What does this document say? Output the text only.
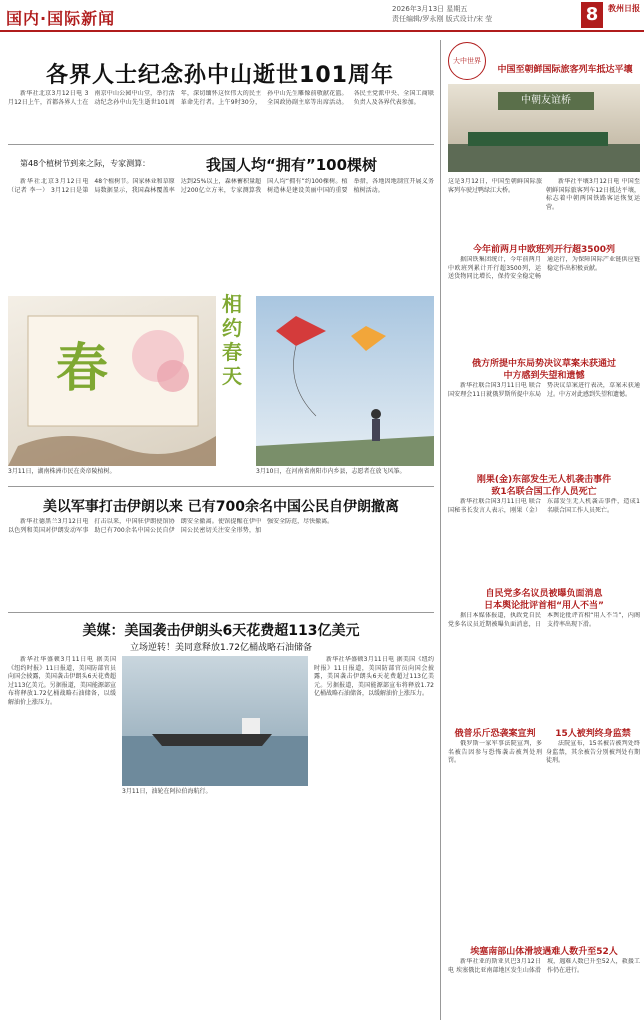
国内·国际新闻	2026年3月13日 星期五
责任编辑/罗永刚 版式设计/宋 莹	8	教州日报
各界人士纪念孙中山逝世101周年

新华社北京3月12日电 3月12日上午，首都各界人士在南京中山公园中山堂，举行活动纪念孙中山先生逝世101周年，深切缅怀这位伟大的民主革命先行者。上午9时30分，孙中山先生雕像前敬献花篮。全国政协副主席等出席活动。各民主党派中央、全国工商联负责人及各界代表参加。

第48个植树节到来之际，专家测算：	我国人均“拥有”100棵树

新华社北京3月12日电（记者 李一） 3月12日是第48个植树节。国家林业和草原局数据显示，我国森林覆盖率达到25%以上，森林蓄积量超过200亿立方米，专家测算我国人均“拥有”约100棵树。植树造林是建设美丽中国的重要举措，各地因地制宜开展义务植树活动。

春
相约
春天
3月11日，湖南株洲市民在炎帝陵植树。	3月10日，在河南省南阳市内乡县，志愿者在放飞风筝。
美以军事打击伊朗以来 已有700余名中国公民自伊朗撤离

新华社德黑兰3月12日电 以色列和美国对伊朗发动军事打击以来，中国驻伊朗使馆协助已有700余名中国公民自伊朗安全撤离。使馆提醒在伊中国公民密切关注安全形势，加强安全防范，尽快撤离。

美媒：美国袭击伊朗头6天花费超113亿美元
立场逆转！美同意释放1.72亿桶战略石油储备

新华社华盛顿3月11日电 据美国《纽约时报》11日报道，美国防部官员向国会披露，美国袭击伊朗头6天花费超过113亿美元。另据报道，美国能源部宣布将释放1.72亿桶战略石油储备，以缓解油价上涨压力。

3月11日，油轮在阿拉伯海航行。

新华社华盛顿3月11日电 据美国《纽约时报》11日报道，美国防部官员向国会披露，美国袭击伊朗头6天花费超过113亿美元。另据报道，美国能源部宣布将释放1.72亿桶战略石油储备，以缓解油价上涨压力。

大中世界
中国至朝鲜国际旅客列车抵达平壤
中朝友谊桥
这是3月12日，中国至朝鲜国际旅客列车驶过鸭绿江大桥。

新华社平壤3月12日电 中国至朝鲜国际旅客列车12日抵达平壤，标志着中朝两国铁路客运恢复运营。

今年前两月中欧班列开行超3500列

据国铁集团统计，今年前两月中欧班列累计开行超3500列，运送货物同比增长，保持安全稳定畅通运行，为保障国际产业链供应链稳定作出积极贡献。

俄方所提中东局势决议草案未获通过
中方感到失望和遗憾

新华社联合国3月11日电 联合国安理会11日就俄罗斯所提中东局势决议草案进行表决，草案未获通过。中方对此感到失望和遗憾。

刚果(金)东部发生无人机袭击事件
致1名联合国工作人员死亡

新华社联合国3月11日电 联合国秘书长发言人表示，刚果（金）东部发生无人机袭击事件，造成1名联合国工作人员死亡。

自民党多名议员被曝负面消息
日本舆论批评首相“用人不当”

据日本媒体报道，执政党自民党多名议员近期被曝负面消息，日本舆论批评首相“用人不当”，内阁支持率出现下滑。

俄普乐斤恐袭案宣判	15人被判终身监禁

俄罗斯一家军事法院宣判，多名被告因参与恐怖袭击被判处刑罚。

法院宣布，15名被告被判处终身监禁，其余被告分别被判处有期徒刑。

埃塞南部山体滑坡遇难人数升至52人

新华社亚的斯亚贝巴3月12日电 埃塞俄比亚南部地区发生山体滑坡，遇难人数已升至52人，救援工作仍在进行。
